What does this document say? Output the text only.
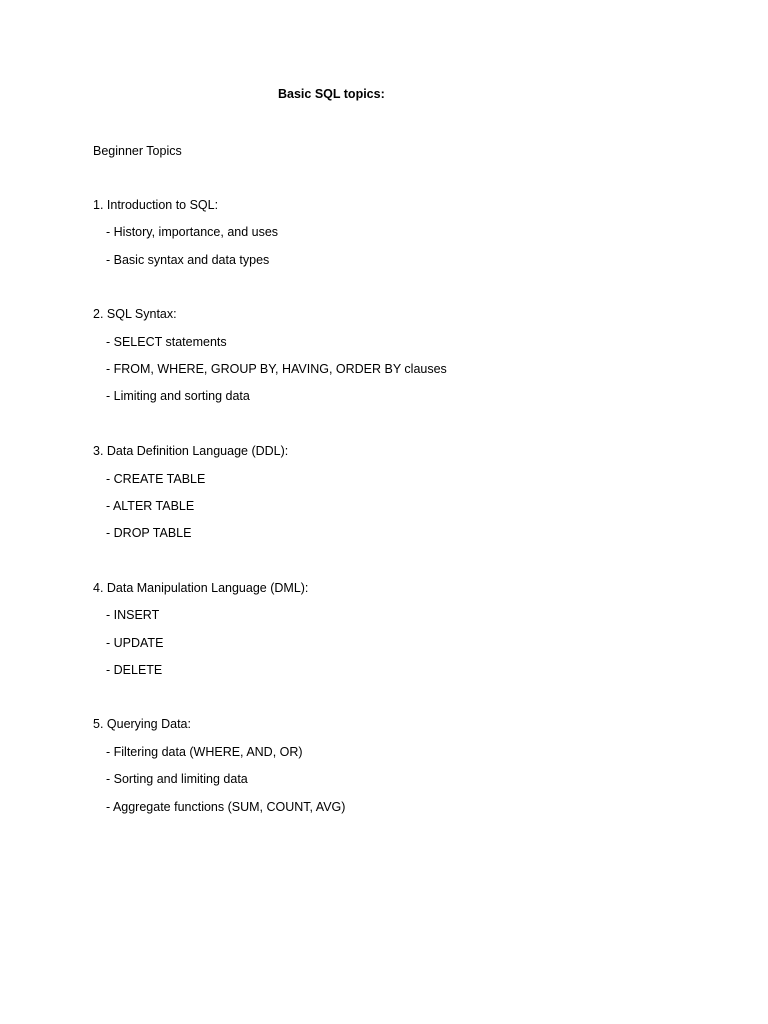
Basic SQL topics:
Beginner Topics
1. Introduction to SQL:
- History, importance, and uses
- Basic syntax and data types
2. SQL Syntax:
- SELECT statements
- FROM, WHERE, GROUP BY, HAVING, ORDER BY clauses
- Limiting and sorting data
3. Data Definition Language (DDL):
- CREATE TABLE
- ALTER TABLE
- DROP TABLE
4. Data Manipulation Language (DML):
- INSERT
- UPDATE
- DELETE
5. Querying Data:
- Filtering data (WHERE, AND, OR)
- Sorting and limiting data
- Aggregate functions (SUM, COUNT, AVG)
